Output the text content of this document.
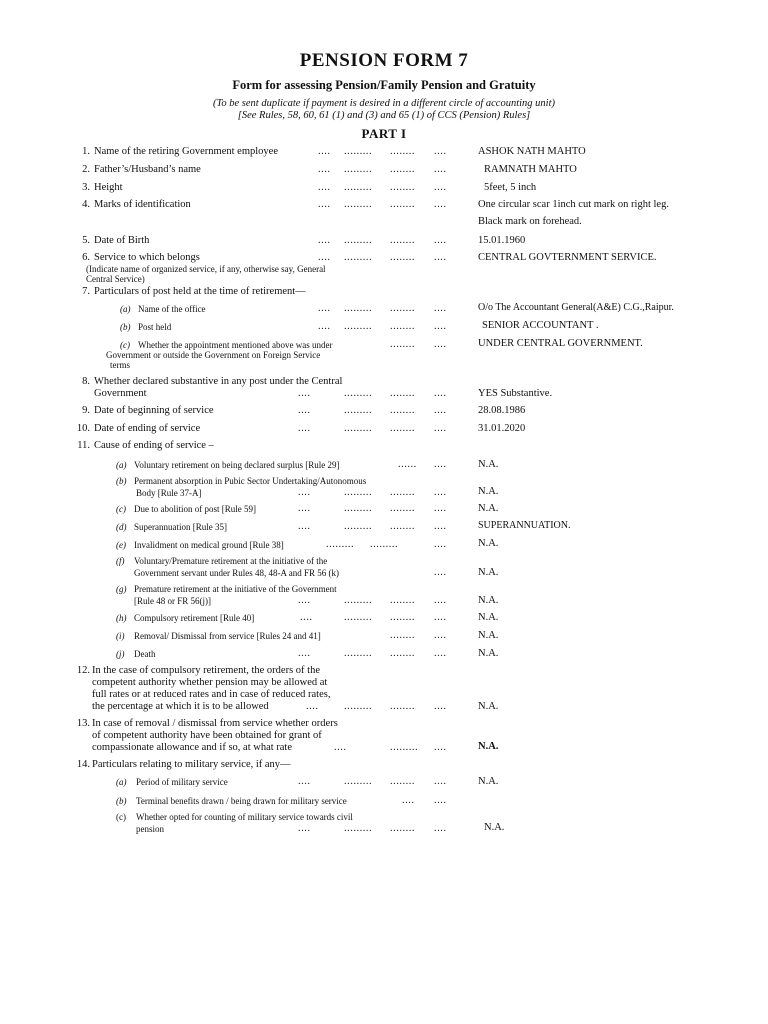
PENSION FORM 7
Form for assessing Pension/Family Pension and Gratuity
(To be sent duplicate if payment is desired in a different circle of accounting unit)
[See Rules, 58, 60, 61 (1) and (3) and 65 (1) of CCS (Pension) Rules]
PART I
1. Name of the retiring Government employee	.... ......... ........ ....	ASHOK NATH MAHTO
2. Father’s/Husband’s name	.... ......... ........ ....	RAMNATH MAHTO
3. Height	.... ......... ........ ....	5feet, 5 inch
4. Marks of identification	.... ......... ........ ....	One circular scar 1inch cut mark on right leg.
Black mark on forehead.
5. Date of Birth	.... ......... ........ ....	15.01.1960
6. Service to which belongs
(Indicate name of organized service, if any, otherwise say, General
Central Service)
.... ......... ........ ....	CENTRAL GOVTERNMENT SERVICE.
7. Particulars of post held at the time of retirement—
(a) Name of the office	.... ......... ........ ....	O/o The Accountant General(A&E) C.G.,Raipur.
(b) Post held	.... ......... ........ ....	SENIOR ACCOUNTANT .
(c) Whether the appointment mentioned above was under
Government or outside the Government on Foreign Service
terms
........ ....	UNDER CENTRAL GOVERNMENT.
8. Whether declared substantive in any post under the Central
Government	....	......... ........ ....	YES Substantive.
9. Date of beginning of service	....	......... ........ ....	28.08.1986
10. Date of ending of service	....	......... ........ ....	31.01.2020
11. Cause of ending of service –
(a) Voluntary retirement on being declared surplus [Rule 29]	...... ....	N.A.
(b) Permanent absorption in Pubic Sector Undertaking/Autonomous
Body [Rule 37-A]	....	......... ........ ....	N.A.
(c) Due to abolition of post [Rule 59]	....	......... ........ ....	N.A.
(d) Superannuation [Rule 35]	....	......... ........ ....	SUPERANNUATION.
(e) Invalidment on medical ground [Rule 38]	......... .........	....	N.A.
(f) Voluntary/Premature retirement at the initiative of the
Government servant under Rules 48, 48-A and FR 56 (k)	....	N.A.
(g) Premature retirement at the initiative of the Government
[Rule 48 or FR 56(j)]	....	......... ........ ....	N.A.
(h) Compulsory retirement [Rule 40]	....	......... ........ ....	N.A.
(i) Removal/ Dismissal from service [Rules 24 and 41]	........ ....	N.A.
(j) Death	....	......... ........ ....	N.A.
12. In the case of compulsory retirement, the orders of the
competent authority whether pension may be allowed at
full rates or at reduced rates and in case of reduced rates,
the percentage at which it is to be allowed	.... ......... ........ ....	N.A.
13. In case of removal / dismissal from service whether orders
of competent authority have been obtained for grant of
compassionate allowance and if so, at what rate	....	......... ....	N.A.
14. Particulars relating to military service, if any—
(a) Period of military service	....	......... ........ ....	N.A.
(b) Terminal benefits drawn / being drawn for military service	.... ....
(c) Whether opted for counting of military service towards civil
pension	....	......... ........ ....	N.A.
